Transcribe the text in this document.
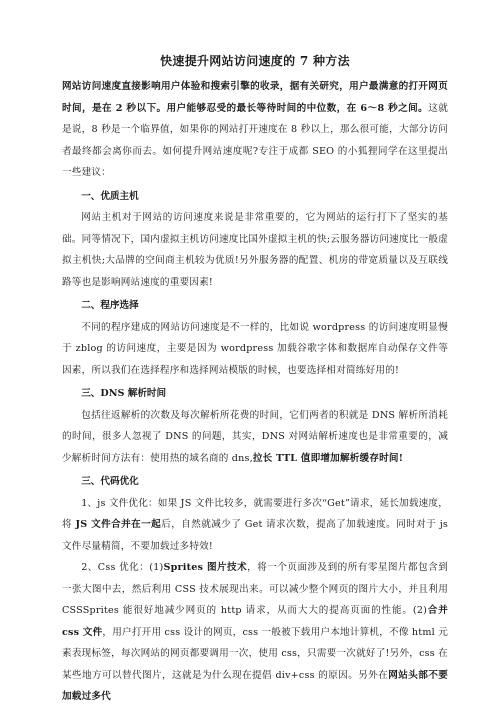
快速提升网站访问速度的 7 种方法

网站访问速度直接影响用户体验和搜索引擎的收录，据有关研究，用户最满意的打开网页时间，是在 2 秒以下。用户能够忍受的最长等待时间的中位数，在 6～8 秒之间。这就是说，8 秒是一个临界值，如果你的网站打开速度在 8 秒以上，那么很可能，大部分访问者最终都会离你而去。如何提升网站速度呢?专注于成都 SEO 的小狐狸同学在这里提出一些建议：

一、优质主机

网站主机对于网站的访问速度来说是非常重要的，它为网站的运行打下了坚实的基础。同等情况下，国内虚拟主机访问速度比国外虚拟主机的快;云服务器访问速度比一般虚拟主机快;大品牌的空间商主机较为优质!另外服务器的配置、机房的带宽质量以及互联线路等也是影响网站速度的重要因素!

二、程序选择

不同的程序建成的网站访问速度是不一样的，比如说 wordpress 的访问速度明显慢于 zblog 的访问速度，主要是因为 wordpress 加载谷歌字体和数据库自动保存文件等因素，所以我们在选择程序和选择网站模版的时候，也要选择相对简练好用的!

三、DNS 解析时间

包括往返解析的次数及每次解析所花费的时间，它们两者的积就是 DNS 解析所消耗的时间，很多人忽视了 DNS 的问题，其实，DNS 对网站解析速度也是非常重要的，减少解析时间方法有：使用热的域名商的 dns,拉长 TTL 值即增加解析缓存时间!

三、代码优化

1、js 文件优化：如果 JS 文件比较多，就需要进行多次“Get”请求，延长加载速度，将 JS 文件合并在一起后，自然就减少了 Get 请求次数，提高了加载速度。同时对于 js 文件尽量精简，不要加载过多特效!

2、Css 优化：(1)Sprites 图片技术，将一个页面涉及到的所有零星图片都包含到一张大图中去，然后利用 CSS 技术展现出来。可以减少整个网页的图片大小，并且利用 CSSSprites 能很好地减少网页的 http 请求，从而大大的提高页面的性能。(2)合并 css 文件，用户打开用 css 设计的网页，css 一般被下载用户本地计算机，不像 html 元素表现标签，每次网站的网页都要调用一次，使用 css，只需要一次就好了!另外，css 在某些地方可以替代图片，这就是为什么现在提倡 div+css 的原因。另外在网站头部不要加载过多代
